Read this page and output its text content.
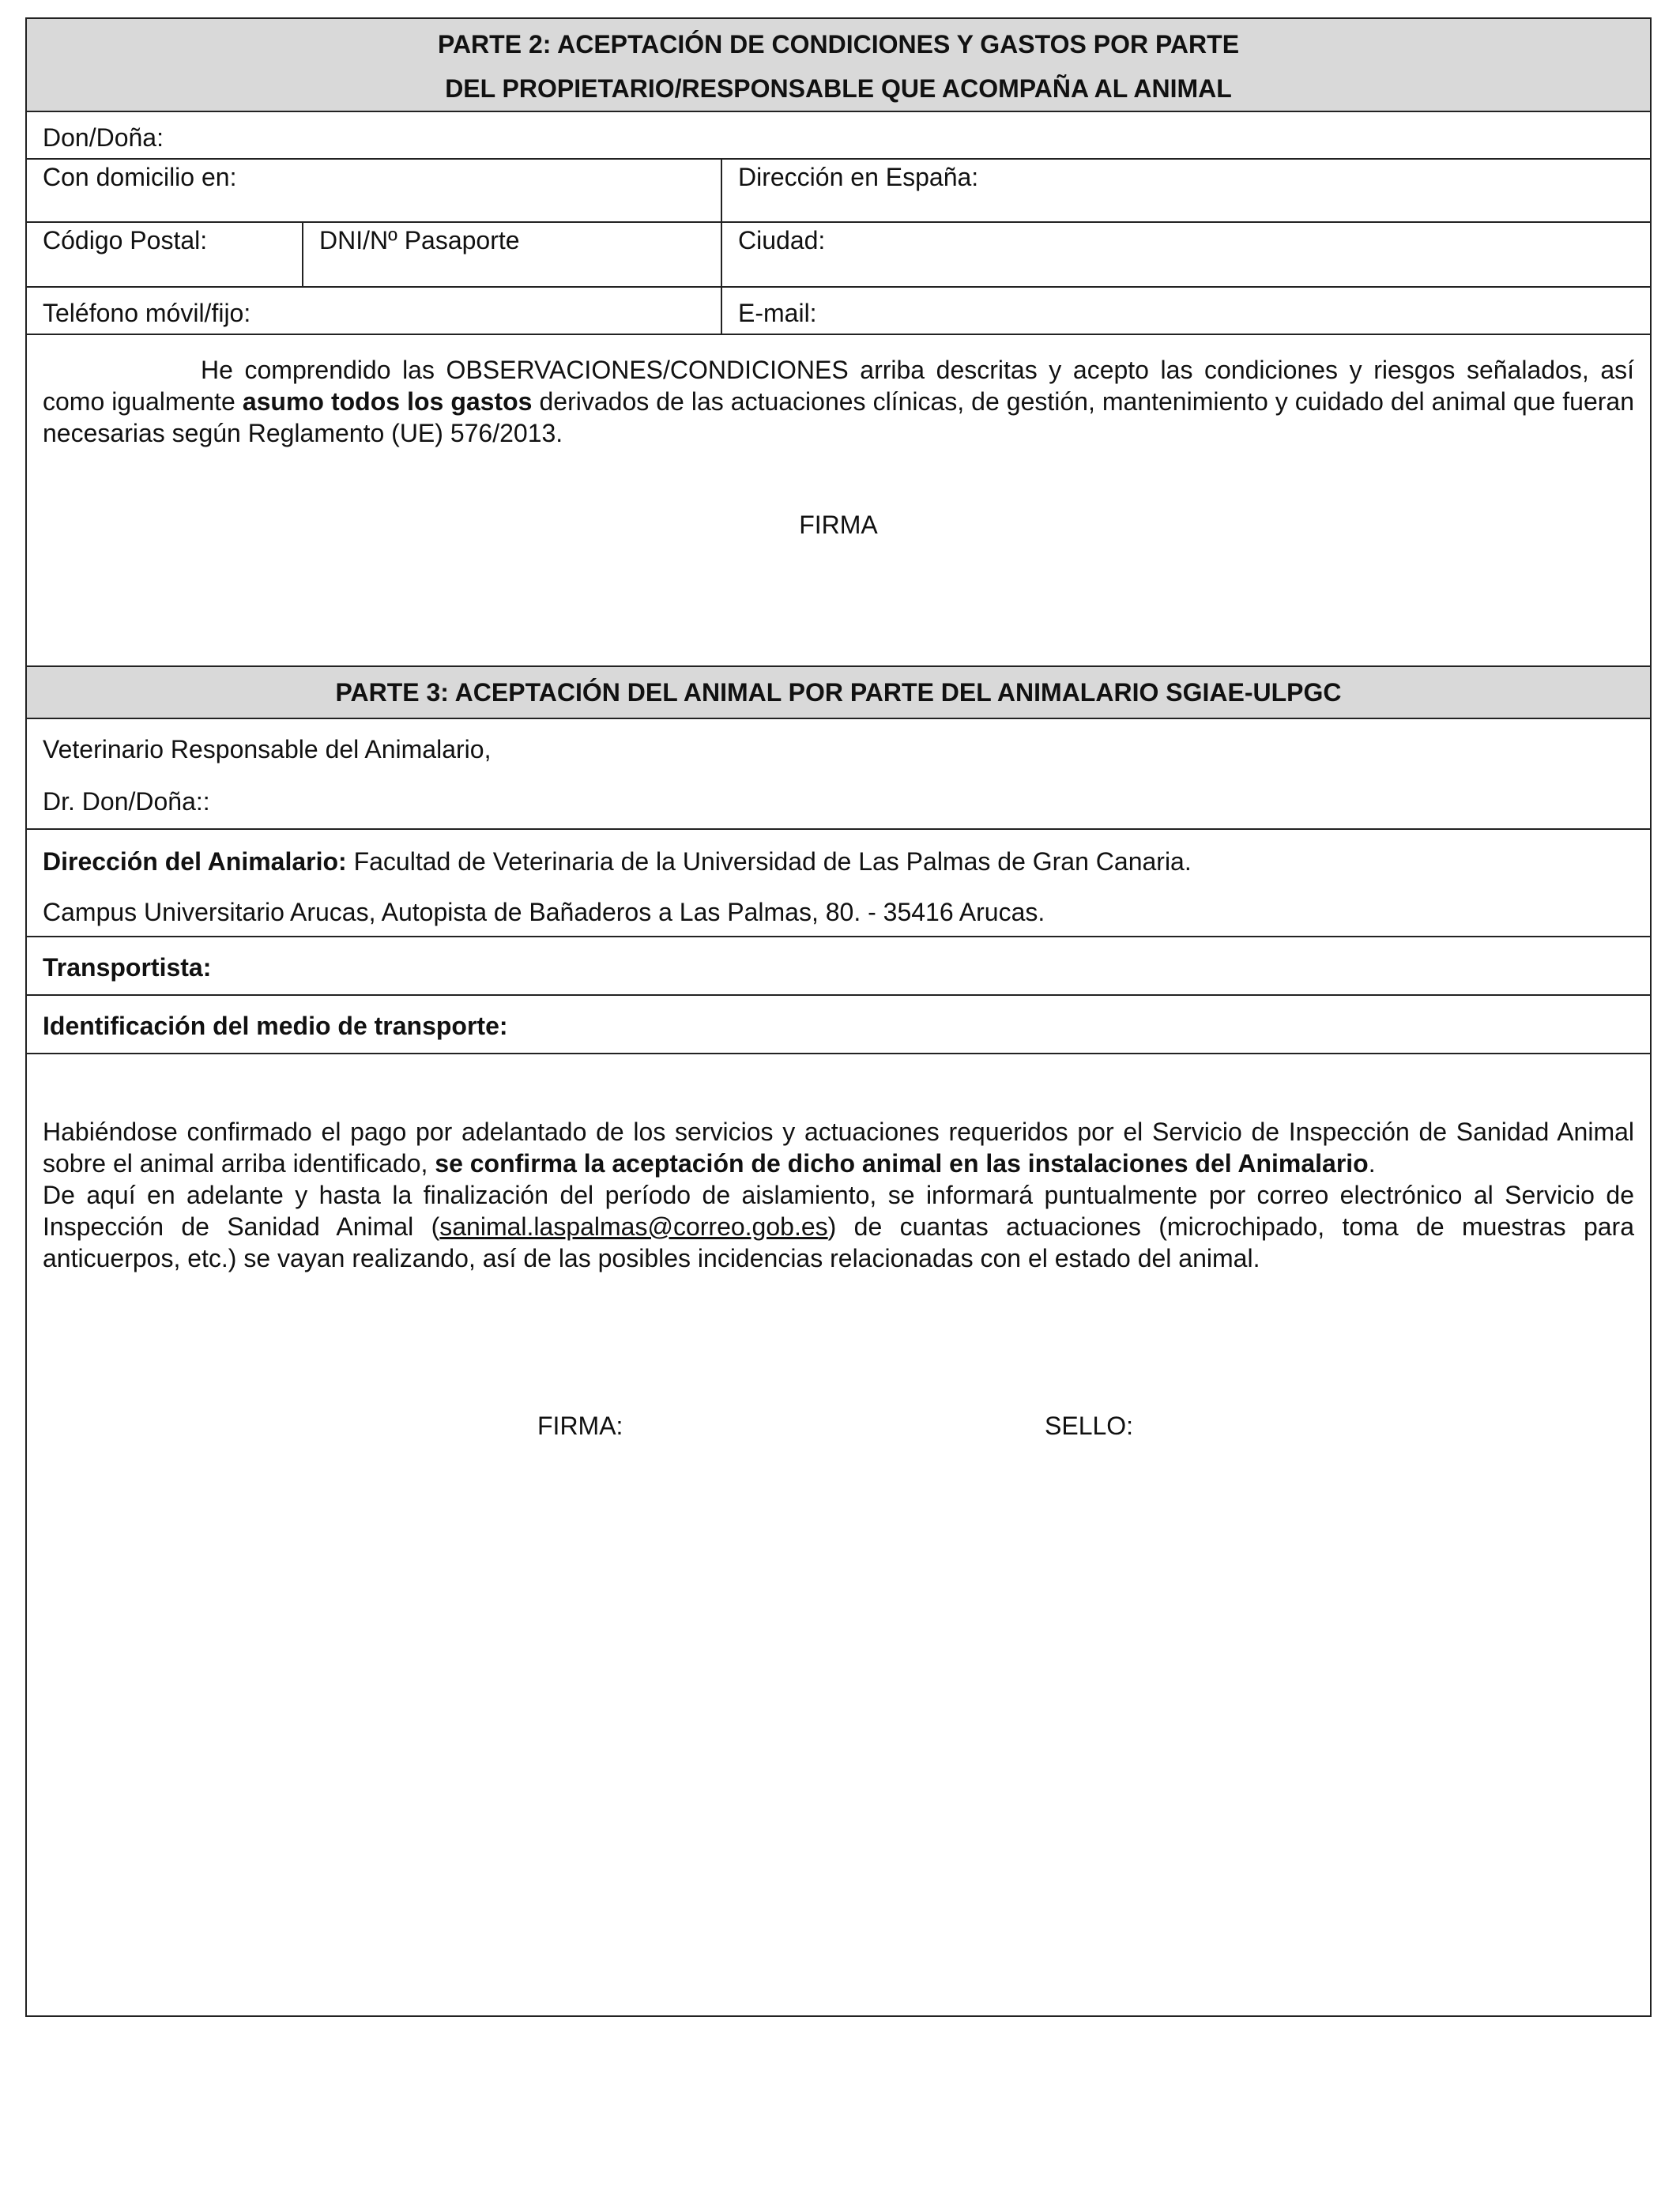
PARTE 2: ACEPTACIÓN DE CONDICIONES Y GASTOS POR PARTE
DEL PROPIETARIO/RESPONSABLE QUE ACOMPAÑA AL ANIMAL
Don/Doña:
Con domicilio en:	Dirección en España:
Código Postal:	DNI/Nº Pasaporte	Ciudad:
Teléfono móvil/fijo:	E-mail:
He comprendido las OBSERVACIONES/CONDICIONES arriba descritas y acepto las condiciones y riesgos señalados, así como igualmente asumo todos los gastos derivados de las actuaciones clínicas, de gestión, mantenimiento y cuidado del animal que fueran necesarias según Reglamento (UE) 576/2013.
FIRMA
PARTE 3: ACEPTACIÓN DEL ANIMAL POR PARTE DEL ANIMALARIO SGIAE-ULPGC
Veterinario Responsable del Animalario,
Dr. Don/Doña::
Dirección del Animalario: Facultad de Veterinaria de la Universidad de Las Palmas de Gran Canaria.
Campus Universitario Arucas, Autopista de Bañaderos a Las Palmas, 80. - 35416 Arucas.
Transportista:
Identificación del medio de transporte:
Habiéndose confirmado el pago por adelantado de los servicios y actuaciones requeridos por el Servicio de Inspección de Sanidad Animal sobre el animal arriba identificado, se confirma la aceptación de dicho animal en las instalaciones del Animalario.
De aquí en adelante y hasta la finalización del período de aislamiento, se informará puntualmente por correo electrónico al Servicio de Inspección de Sanidad Animal (sanimal.laspalmas@correo.gob.es) de cuantas actuaciones (microchipado, toma de muestras para anticuerpos, etc.) se vayan realizando, así de las posibles incidencias relacionadas con el estado del animal.
FIRMA:	SELLO:
